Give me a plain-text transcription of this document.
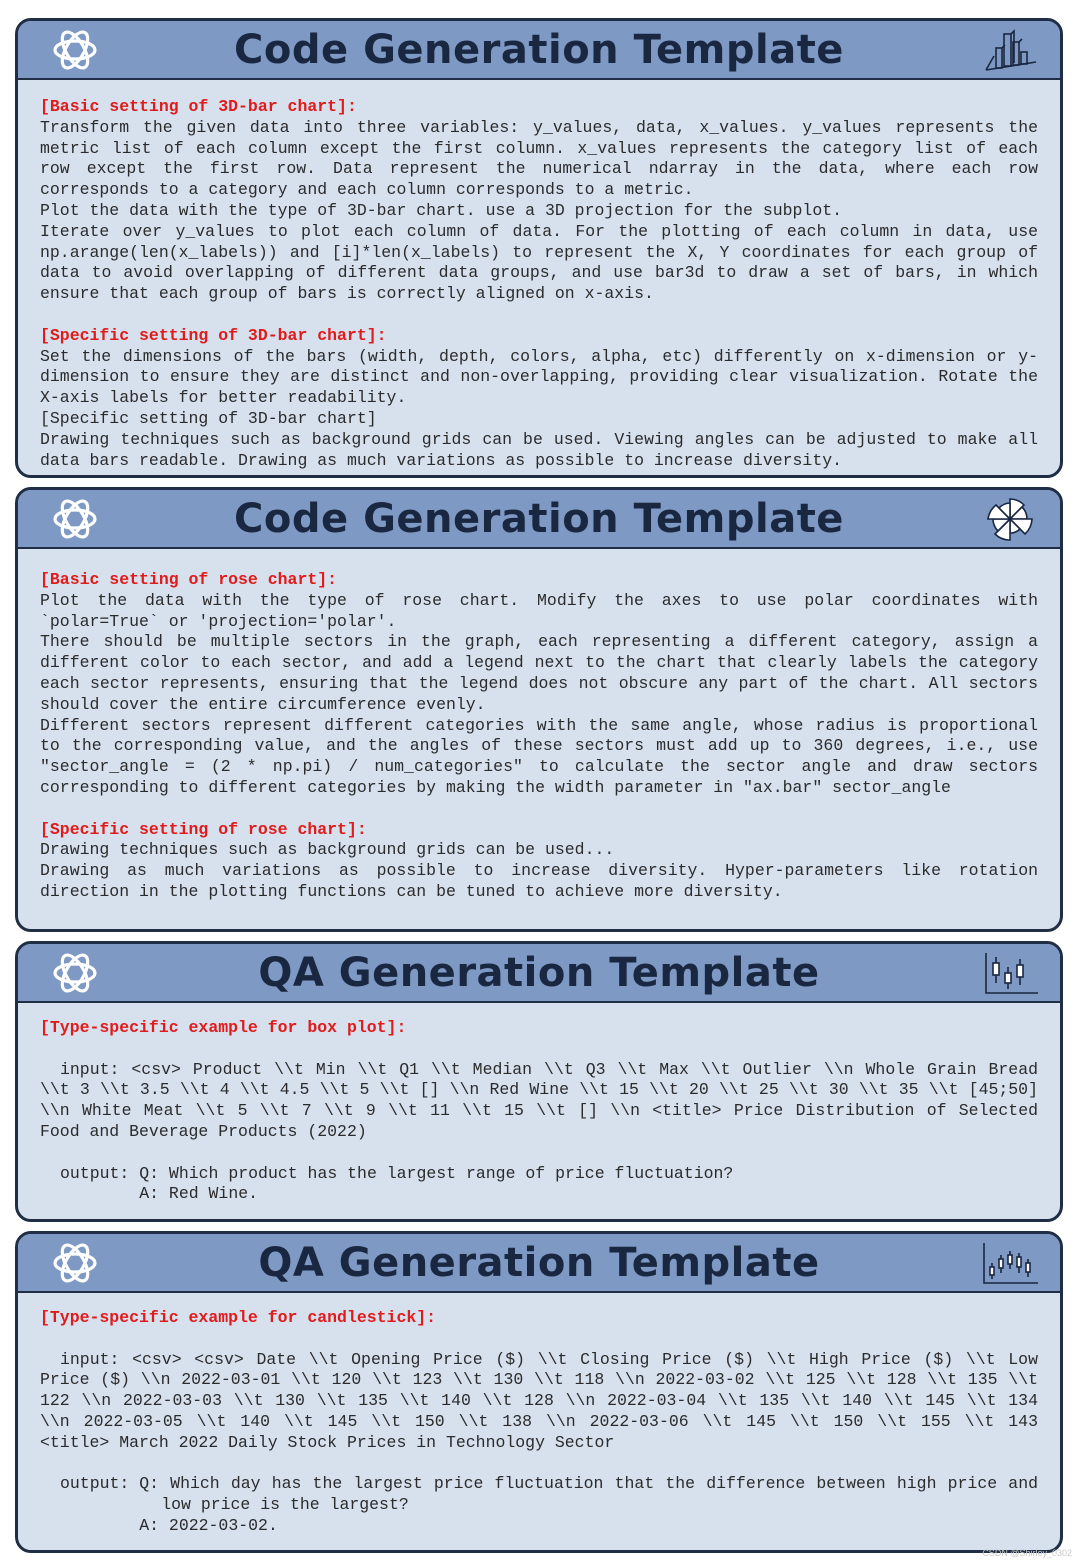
Code Generation Template

[Basic setting of 3D-bar chart]:

Transform the given data into three variables: y_values, data, x_values. y_values represents the metric list of each column except the first column. x_values represents the category list of each row except the first row. Data represent the numerical ndarray in the data, where each row corresponds to a category and each column corresponds to a metric.

Plot the data with the type of 3D-bar chart. use a 3D projection for the subplot.

Iterate over y_values to plot each column of data. For the plotting of each column in data, use np.arange(len(x_labels)) and [i]*len(x_labels) to represent the X, Y coordinates for each group of data to avoid overlapping of different data groups, and use bar3d to draw a set of bars, in which ensure that each group of bars is correctly aligned on x-axis.

[Specific setting of 3D-bar chart]:

Set the dimensions of the bars (width, depth, colors, alpha, etc) differently on x-dimension or y-dimension to ensure they are distinct and non-overlapping, providing clear visualization. Rotate the X-axis labels for better readability.

[Specific setting of 3D-bar chart]

Drawing techniques such as background grids can be used. Viewing angles can be adjusted to make all data bars readable. Drawing as much variations as possible to increase diversity.

Code Generation Template

[Basic setting of rose chart]:

Plot the data with the type of rose chart. Modify the axes to use polar coordinates with `polar=True` or 'projection='polar'.

There should be multiple sectors in the graph, each representing a different category, assign a different color to each sector, and add a legend next to the chart that clearly labels the category each sector represents, ensuring that the legend does not obscure any part of the chart. All sectors should cover the entire circumference evenly.

Different sectors represent different categories with the same angle, whose radius is proportional to the corresponding value, and the angles of these sectors must add up to 360 degrees, i.e., use "sector_angle = (2 * np.pi) / num_categories" to calculate the sector angle and draw sectors corresponding to different categories by making the width parameter in "ax.bar" sector_angle

[Specific setting of rose chart]:

Drawing techniques such as background grids can be used...

Drawing as much variations as possible to increase diversity. Hyper-parameters like rotation direction in the plotting functions can be tuned to achieve more diversity.

QA Generation Template

[Type-specific example for box plot]:

input: <csv> Product \\t Min \\t Q1 \\t Median \\t Q3 \\t Max \\t Outlier \\n Whole Grain Bread \\t 3 \\t 3.5 \\t 4 \\t 4.5 \\t 5 \\t [] \\n Red Wine \\t 15 \\t 20 \\t 25 \\t 30 \\t 35 \\t [45;50] \\n White Meat \\t 5 \\t 7 \\t 9 \\t 11 \\t 15 \\t [] \\n <title> Price Distribution of Selected Food and Beverage Products (2022)

output: Q: Which product has the largest range of price fluctuation?

A: Red Wine.

QA Generation Template

[Type-specific example for candlestick]:

input: <csv> <csv> Date \\t Opening Price ($) \\t Closing Price ($) \\t High Price ($) \\t Low Price ($) \\n 2022-03-01 \\t 120 \\t 123 \\t 130 \\t 118 \\n 2022-03-02 \\t 125 \\t 128 \\t 135 \\t 122 \\n 2022-03-03 \\t 130 \\t 135 \\t 140 \\t 128 \\n 2022-03-04 \\t 135 \\t 140 \\t 145 \\t 134 \\n 2022-03-05 \\t 140 \\t 145 \\t 150 \\t 138 \\n 2022-03-06 \\t 145 \\t 150 \\t 155 \\t 143 <title> March 2022 Daily Stock Prices in Technology Sector

output: Q: Which day has the largest price fluctuation that the difference between high price and low price is the largest?

A: 2022-03-02.

CSDN @Shirley_0302
